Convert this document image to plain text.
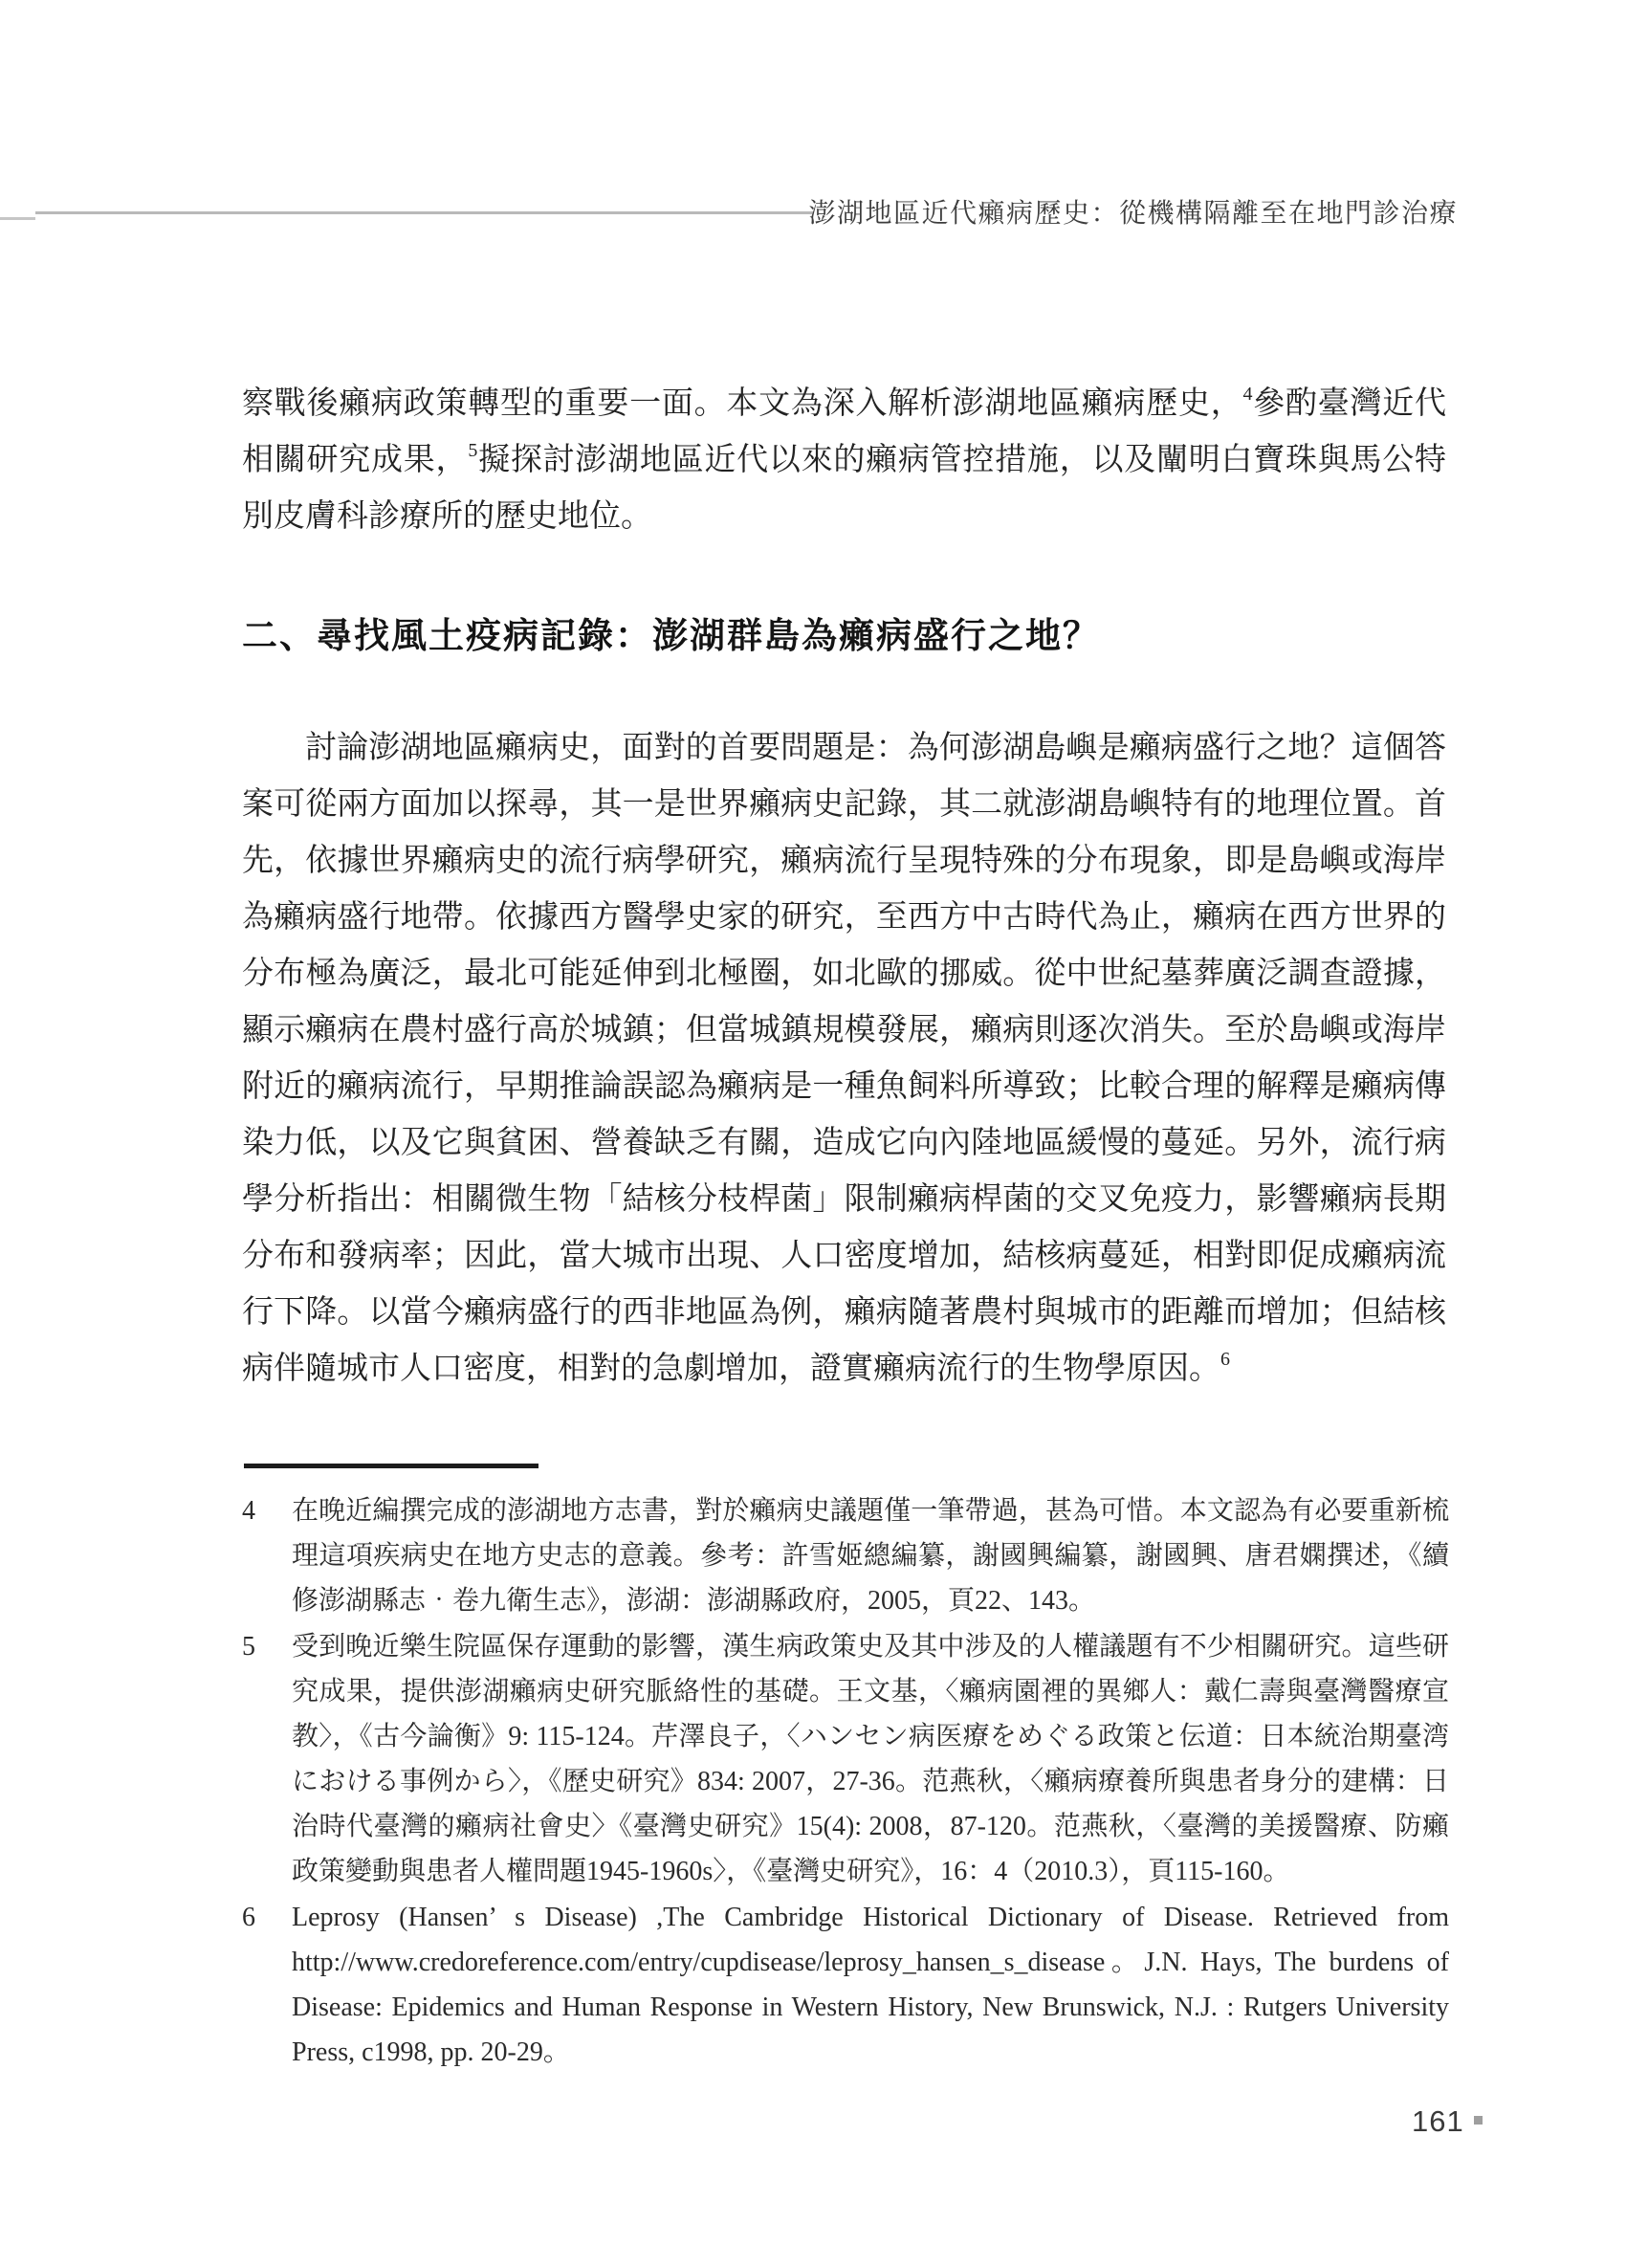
澎湖地區近代癩病歷史：從機構隔離至在地門診治療

察戰後癩病政策轉型的重要一面。本文為深入解析澎湖地區癩病歷史，$^4$參酌臺灣近代相關研究成果，$^5$擬探討澎湖地區近代以來的癩病管控措施，以及闡明白寶珠與馬公特別皮膚科診療所的歷史地位。

二、尋找風土疫病記錄：澎湖群島為癩病盛行之地？

討論澎湖地區癩病史，面對的首要問題是：為何澎湖島嶼是癩病盛行之地？這個答案可從兩方面加以探尋，其一是世界癩病史記錄，其二就澎湖島嶼特有的地理位置。首先，依據世界癩病史的流行病學研究，癩病流行呈現特殊的分布現象，即是島嶼或海岸為癩病盛行地帶。依據西方醫學史家的研究，至西方中古時代為止，癩病在西方世界的分布極為廣泛，最北可能延伸到北極圈，如北歐的挪威。從中世紀墓葬廣泛調查證據，顯示癩病在農村盛行高於城鎮；但當城鎮規模發展，癩病則逐次消失。至於島嶼或海岸附近的癩病流行，早期推論誤認為癩病是一種魚飼料所導致；比較合理的解釋是癩病傳染力低，以及它與貧困、營養缺乏有關，造成它向內陸地區緩慢的蔓延。另外，流行病學分析指出：相關微生物「結核分枝桿菌」限制癩病桿菌的交叉免疫力，影響癩病長期分布和發病率；因此，當大城市出現、人口密度增加，結核病蔓延，相對即促成癩病流行下降。以當今癩病盛行的西非地區為例，癩病隨著農村與城市的距離而增加；但結核病伴隨城市人口密度，相對的急劇增加，證實癩病流行的生物學原因。$^6$

4	在晚近編撰完成的澎湖地方志書，對於癩病史議題僅一筆帶過，甚為可惜。本文認為有必要重新梳理這項疾病史在地方史志的意義。參考：許雪姬總編纂，謝國興編纂，謝國興、唐君嫻撰述，《續修澎湖縣志‧卷九衛生志》，澎湖：澎湖縣政府，2005，頁22、143。
5	受到晚近樂生院區保存運動的影響，漢生病政策史及其中涉及的人權議題有不少相關研究。這些研究成果，提供澎湖癩病史研究脈絡性的基礎。王文基，〈癩病園裡的異鄉人：戴仁壽與臺灣醫療宣教〉，《古今論衡》9: 115-124。芹澤良子，〈ハンセン病医療をめぐる政策と伝道：日本統治期臺湾における事例から〉，《歷史研究》834: 2007，27-36。范燕秋，〈癩病療養所與患者身分的建構：日治時代臺灣的癩病社會史〉《臺灣史研究》15(4): 2008，87-120。范燕秋，〈臺灣的美援醫療、防癩政策變動與患者人權問題1945-1960s〉，《臺灣史研究》，16：4（2010.3），頁115-160。
6	Leprosy (Hansen’ s Disease) ,The Cambridge Historical Dictionary of Disease. Retrieved from http://www.credoreference.com/entry/cupdisease/leprosy_hansen_s_disease。J.N. Hays, The burdens of Disease: Epidemics and Human Response in Western History, New Brunswick, N.J. : Rutgers University Press, c1998, pp. 20-29。
161
